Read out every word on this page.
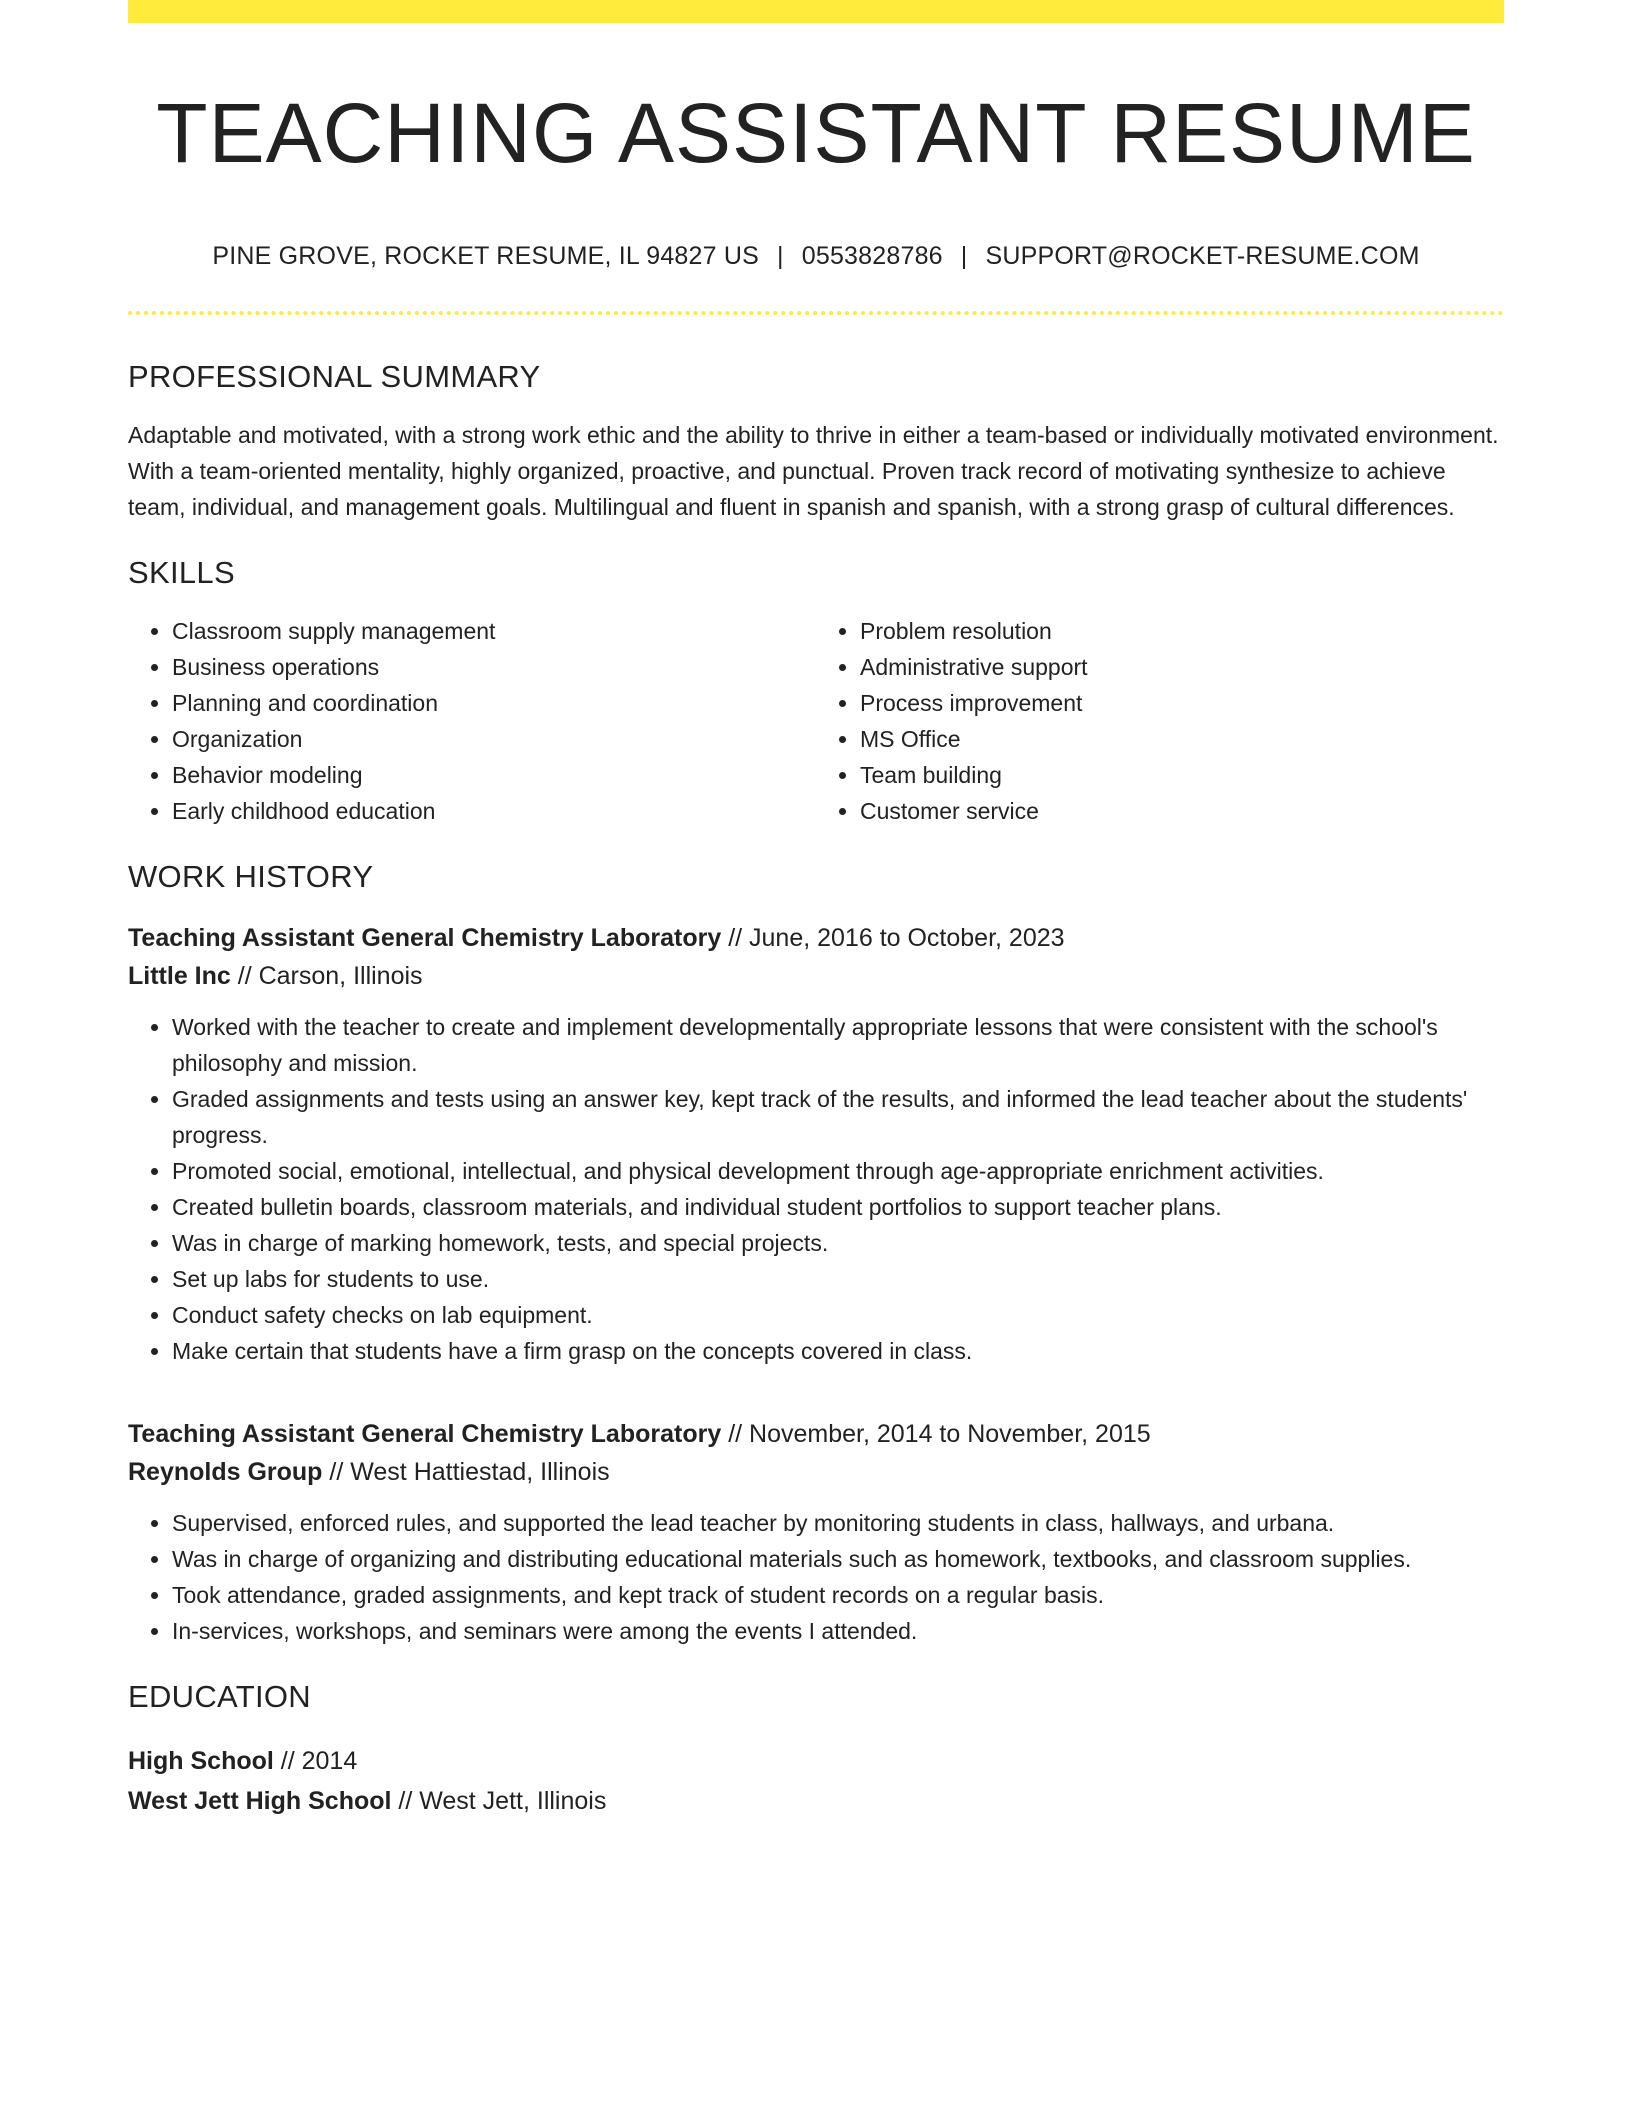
TEACHING ASSISTANT RESUME
PINE GROVE, ROCKET RESUME, IL 94827 US | 0553828786 | SUPPORT@ROCKET-RESUME.COM
PROFESSIONAL SUMMARY

Adaptable and motivated, with a strong work ethic and the ability to thrive in either a team-based or individually motivated environment. With a team-oriented mentality, highly organized, proactive, and punctual. Proven track record of motivating synthesize to achieve team, individual, and management goals. Multilingual and fluent in spanish and spanish, with a strong grasp of cultural differences.

SKILLS
• Classroom supply management
• Business operations
• Planning and coordination
• Organization
• Behavior modeling
• Early childhood education
• Problem resolution
• Administrative support
• Process improvement
• MS Office
• Team building
• Customer service
WORK HISTORY
Teaching Assistant General Chemistry Laboratory // June, 2016 to October, 2023
Little Inc // Carson, Illinois
• Worked with the teacher to create and implement developmentally appropriate lessons that were consistent with the school's philosophy and mission.
• Graded assignments and tests using an answer key, kept track of the results, and informed the lead teacher about the students' progress.
• Promoted social, emotional, intellectual, and physical development through age-appropriate enrichment activities.
• Created bulletin boards, classroom materials, and individual student portfolios to support teacher plans.
• Was in charge of marking homework, tests, and special projects.
• Set up labs for students to use.
• Conduct safety checks on lab equipment.
• Make certain that students have a firm grasp on the concepts covered in class.
Teaching Assistant General Chemistry Laboratory // November, 2014 to November, 2015
Reynolds Group // West Hattiestad, Illinois
• Supervised, enforced rules, and supported the lead teacher by monitoring students in class, hallways, and urbana.
• Was in charge of organizing and distributing educational materials such as homework, textbooks, and classroom supplies.
• Took attendance, graded assignments, and kept track of student records on a regular basis.
• In-services, workshops, and seminars were among the events I attended.
EDUCATION
High School // 2014
West Jett High School // West Jett, Illinois
